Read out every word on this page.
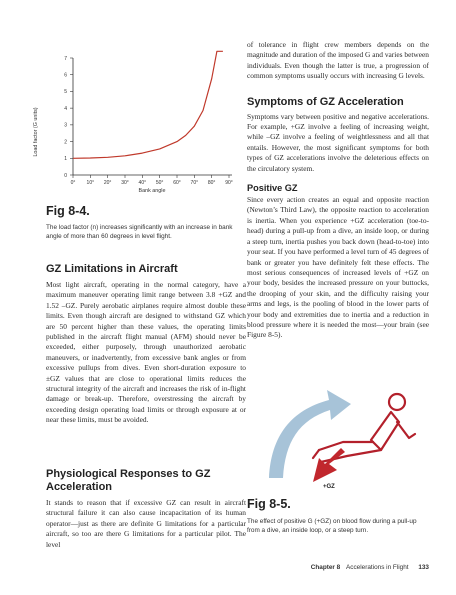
Load factor (G units)
0
1
2
3
4
5
6
7
0° 10° 20° 30° 40° 50° 60° 70° 80° 90°
Bank angle
Fig 8-4.
The load factor (n) increases significantly with an increase in bank angle of more than 60 degrees in level flight.
GZ Limitations in Aircraft

Most light aircraft, operating in the normal category, have a maximum maneuver operating limit range between 3.8 +GZ and 1.52 –GZ. Purely aerobatic airplanes require almost double these limits. Even though aircraft are designed to withstand GZ which are 50 percent higher than these values, the operating limits published in the aircraft flight manual (AFM) should never be exceeded, either purposely, through unauthorized aerobatic maneuvers, or inadvertently, from excessive bank angles or from excessive pullups from dives. Even short-duration exposure to ±GZ values that are close to operational limits reduces the structural integrity of the aircraft and increases the risk of in-flight damage or break-up. Therefore, overstressing the aircraft by exceeding design operating load limits or through exposure at or near these limits, must be avoided.

Physiological Responses to GZ Acceleration

It stands to reason that if excessive GZ can result in aircraft structural failure it can also cause incapacitation of its human operator—just as there are definite G limitations for a particular aircraft, so too are there G limitations for a particular pilot. The level

of tolerance in flight crew members depends on the magnitude and duration of the imposed G and varies between individuals. Even though the latter is true, a progression of common symptoms usually occurs with increasing G levels.

Symptoms of GZ Acceleration

Symptoms vary between positive and negative accelerations. For example, +GZ involve a feeling of increasing weight, while –GZ involve a feeling of weightlessness and all that entails. However, the most significant symptoms for both types of GZ accelerations involve the deleterious effects on the circulatory system.

Positive GZ

Since every action creates an equal and opposite reaction (Newton’s Third Law), the opposite reaction to acceleration is inertia. When you experience +GZ acceleration (toe-to-head) during a pull-up from a dive, an inside loop, or during a steep turn, inertia pushes you back down (head-to-toe) into your seat. If you have performed a level turn of 45 degrees of bank or greater you have definitely felt these effects. The most serious consequences of increased levels of +GZ on your body, besides the increased pressure on your buttocks, the drooping of your skin, and the difficulty raising your arms and legs, is the pooling of blood in the lower parts of your body and extremities due to inertia and a reduction in blood pressure where it is needed the most—your brain (see Figure 8-5).

+GZ
Fig 8-5.
The effect of positive G (+GZ) on blood flow during a pull-up from a dive, an inside loop, or a steep turn.
Chapter 8 Accelerations in Flight 133
